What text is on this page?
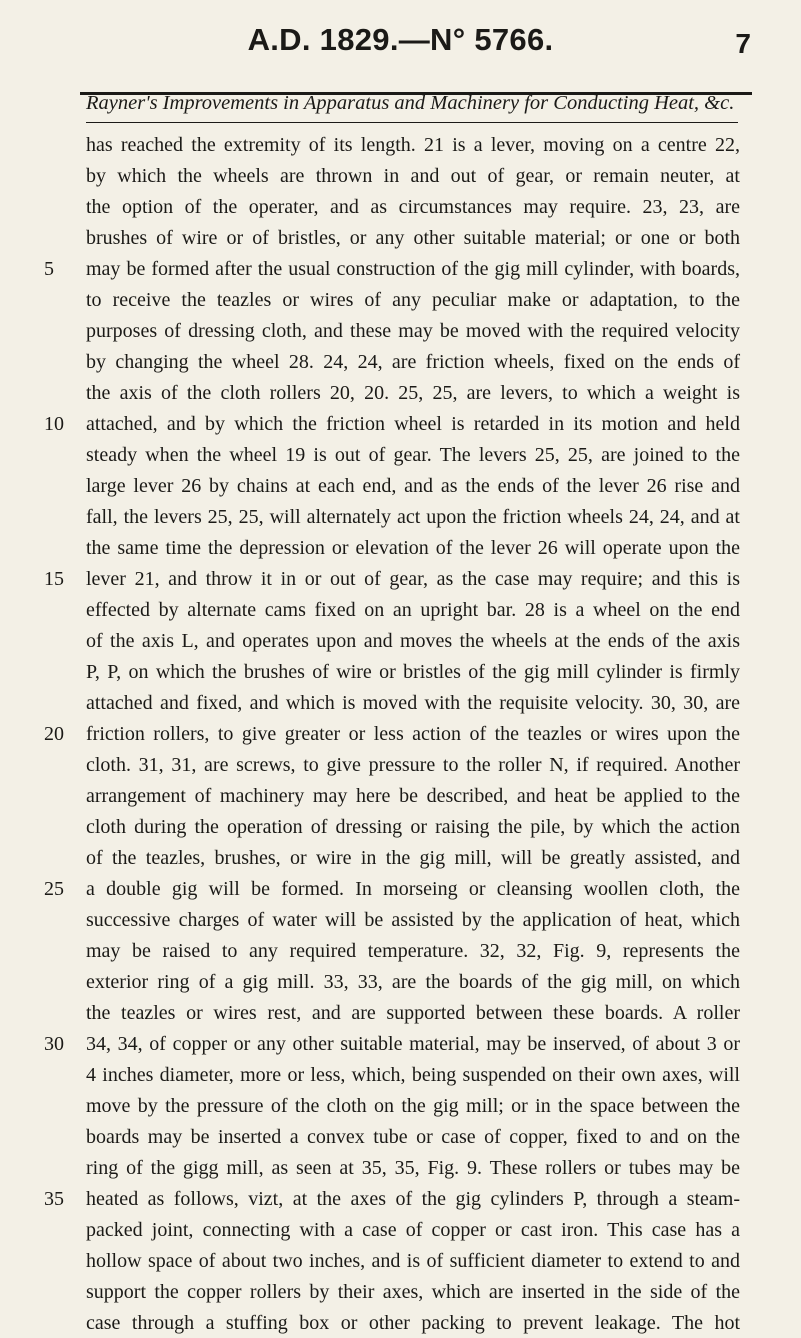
A.D. 1829.—N° 5766.	7
Rayner's Improvements in Apparatus and Machinery for Conducting Heat, &c.
has reached the extremity of its length. 21 is a lever, moving on a centre 22,
by which the wheels are thrown in and out of gear, or remain neuter, at
the option of the operater, and as circumstances may require. 23, 23, are
brushes of wire or of bristles, or any other suitable material; or one or both
may be formed after the usual construction of the gig mill cylinder, with boards,
to receive the teazles or wires of any peculiar make or adaptation, to the
purposes of dressing cloth, and these may be moved with the required velocity
by changing the wheel 28. 24, 24, are friction wheels, fixed on the ends of
the axis of the cloth rollers 20, 20. 25, 25, are levers, to which a weight is
attached, and by which the friction wheel is retarded in its motion and held
steady when the wheel 19 is out of gear. The levers 25, 25, are joined to the
large lever 26 by chains at each end, and as the ends of the lever 26 rise and
fall, the levers 25, 25, will alternately act upon the friction wheels 24, 24, and at
the same time the depression or elevation of the lever 26 will operate upon the
lever 21, and throw it in or out of gear, as the case may require; and this is
effected by alternate cams fixed on an upright bar. 28 is a wheel on the end
of the axis L, and operates upon and moves the wheels at the ends of the axis
P, P, on which the brushes of wire or bristles of the gig mill cylinder is firmly
attached and fixed, and which is moved with the requisite velocity. 30, 30, are
friction rollers, to give greater or less action of the teazles or wires upon the
cloth. 31, 31, are screws, to give pressure to the roller N, if required. Another
arrangement of machinery may here be described, and heat be applied to the
cloth during the operation of dressing or raising the pile, by which the action
of the teazles, brushes, or wire in the gig mill, will be greatly assisted, and
a double gig will be formed. In morseing or cleansing woollen cloth, the
successive charges of water will be assisted by the application of heat, which
may be raised to any required temperature. 32, 32, Fig. 9, represents the
exterior ring of a gig mill. 33, 33, are the boards of the gig mill, on which
the teazles or wires rest, and are supported between these boards. A roller
34, 34, of copper or any other suitable material, may be inserved, of about 3 or
4 inches diameter, more or less, which, being suspended on their own axes, will
move by the pressure of the cloth on the gig mill; or in the space between the
boards may be inserted a convex tube or case of copper, fixed to and on the
ring of the gigg mill, as seen at 35, 35, Fig. 9. These rollers or tubes may be
heated as follows, vizt, at the axes of the gig cylinders P, through a steam-
packed joint, connecting with a case of copper or cast iron. This case has a
hollow space of about two inches, and is of sufficient diameter to extend to and
support the copper rollers by their axes, which are inserted in the side of the
case through a stuffing box or other packing to prevent leakage. The hot
5
10
15
20
25
30
35
